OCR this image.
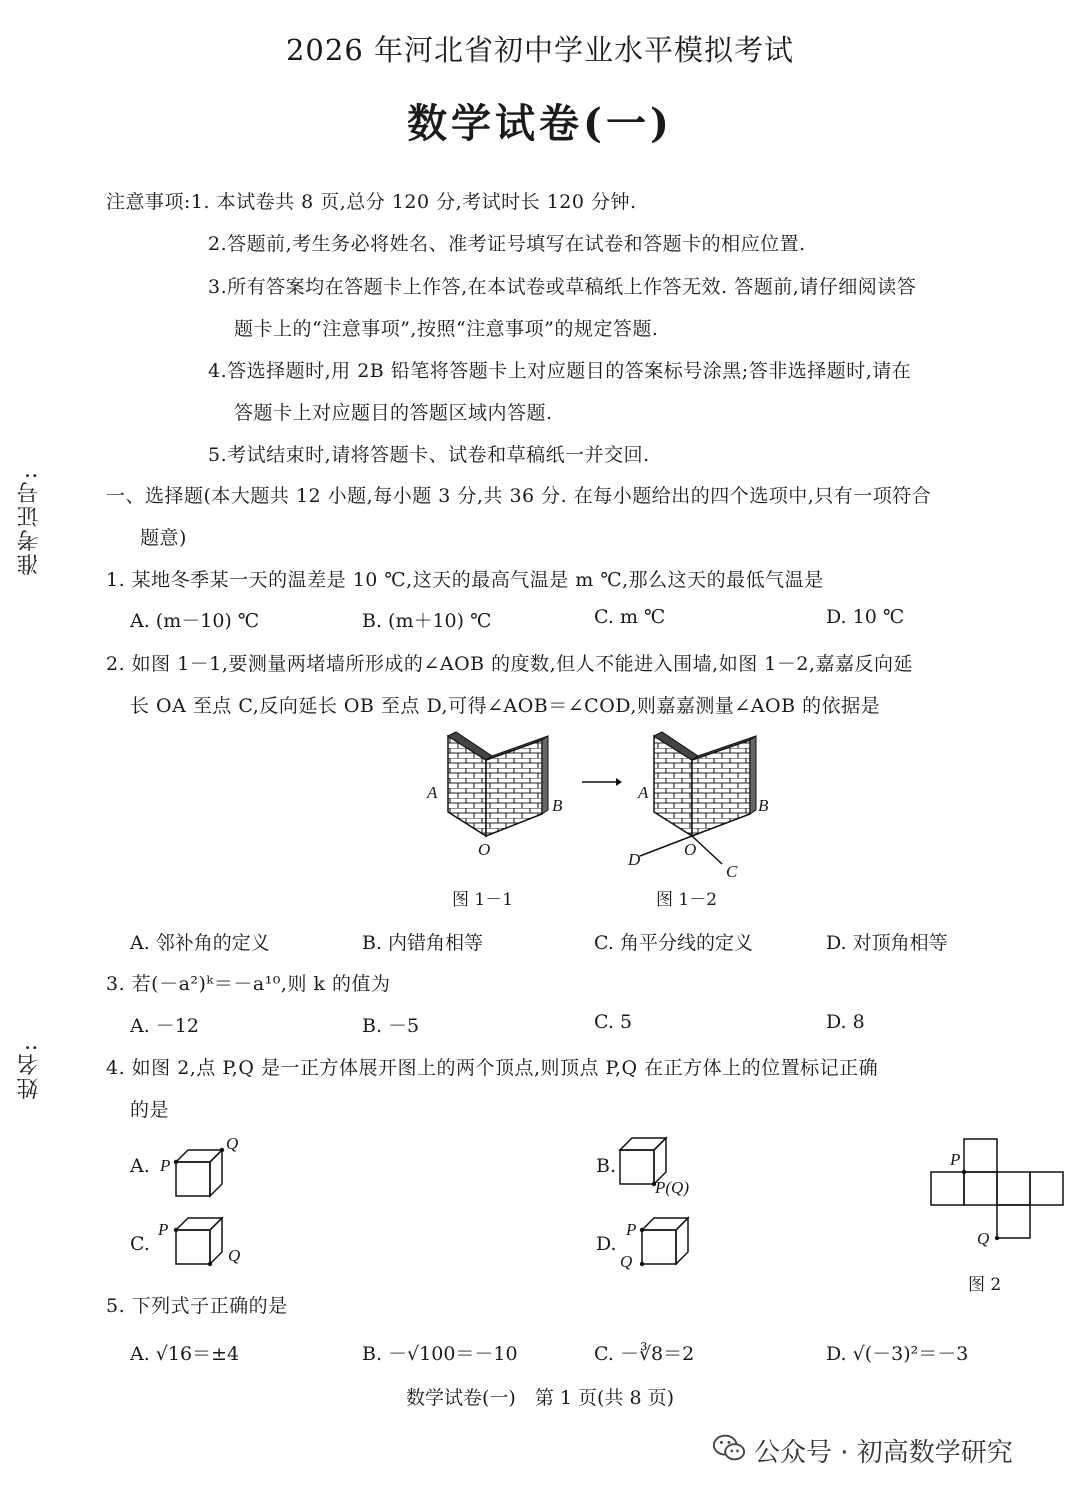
2026 年河北省初中学业水平模拟考试
数学试卷(一)
准考证号:
姓名:
注意事项:1. 本试卷共 8 页,总分 120 分,考试时长 120 分钟.
2.答题前,考生务必将姓名、准考证号填写在试卷和答题卡的相应位置.
3.所有答案均在答题卡上作答,在本试卷或草稿纸上作答无效. 答题前,请仔细阅读答
题卡上的“注意事项”,按照“注意事项”的规定答题.
4.答选择题时,用 2B 铅笔将答题卡上对应题目的答案标号涂黑;答非选择题时,请在
答题卡上对应题目的答题区域内答题.
5.考试结束时,请将答题卡、试卷和草稿纸一并交回.
一、选择题(本大题共 12 小题,每小题 3 分,共 36 分. 在每小题给出的四个选项中,只有一项符合
题意)
1. 某地冬季某一天的温差是 10 ℃,这天的最高气温是 m ℃,那么这天的最低气温是
A. (m－10) ℃	B. (m＋10) ℃	C. m ℃	D. 10 ℃
2. 如图 1－1,要测量两堵墙所形成的∠AOB 的度数,但人不能进入围墙,如图 1－2,嘉嘉反向延
长 OA 至点 C,反向延长 OB 至点 D,可得∠AOB＝∠COD,则嘉嘉测量∠AOB 的依据是
A
B
O
A
B
O
D
C
图 1－1	图 1－2
A. 邻补角的定义	B. 内错角相等	C. 角平分线的定义	D. 对顶角相等
3. 若(－a²)ᵏ＝－a¹⁰,则 k 的值为
A. －12	B. －5	C. 5	D. 8
4. 如图 2,点 P,Q 是一正方体展开图上的两个顶点,则顶点 P,Q 在正方体上的位置标记正确
的是
A. P
Q
B.
P(Q)
C.
P
Q
D.
P
Q
P
Q
图 2
5. 下列式子正确的是
A. √16＝±4	B. －√100＝－10	C. －∛8＝2	D. √(－3)²＝－3
数学试卷(一)　第 1 页(共 8 页)
公众号 · 初高数学研究
